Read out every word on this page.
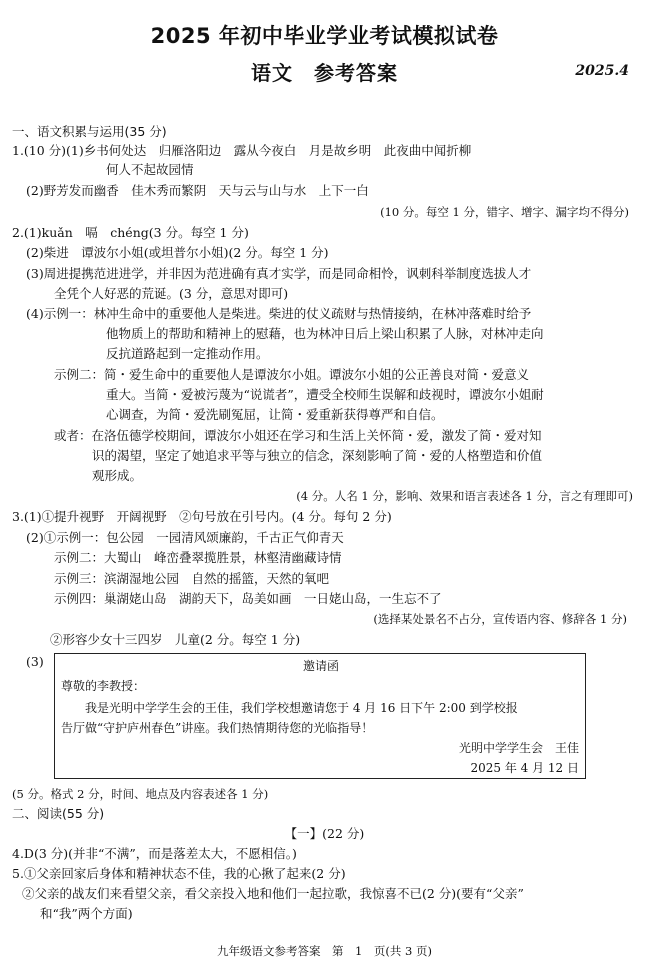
2025 年初中毕业学业考试模拟试卷
语文　参考答案	2025.4
一、语文积累与运用(35 分)
1.(10 分)(1)乡书何处达　归雁洛阳边　露从今夜白　月是故乡明　此夜曲中闻折柳
何人不起故园情
(2)野芳发而幽香　佳木秀而繁阴　天与云与山与水　上下一白
(10 分。每空 1 分，错字、增字、漏字均不得分)
2.(1)kuǎn　嗝　chéng(3 分。每空 1 分)
(2)柴进　谭波尔小姐(或坦普尔小姐)(2 分。每空 1 分)
(3)周进提携范进进学，并非因为范进确有真才实学，而是同命相怜，讽刺科举制度选拔人才
全凭个人好恶的荒诞。(3 分，意思对即可)
(4)示例一：林冲生命中的重要他人是柴进。柴进的仗义疏财与热情接纳，在林冲落难时给予
他物质上的帮助和精神上的慰藉，也为林冲日后上梁山积累了人脉，对林冲走向
反抗道路起到一定推动作用。
示例二：简・爱生命中的重要他人是谭波尔小姐。谭波尔小姐的公正善良对简・爱意义
重大。当简・爱被污蔑为“说谎者”，遭受全校师生误解和歧视时，谭波尔小姐耐
心调查，为简・爱洗刷冤屈，让简・爱重新获得尊严和自信。
或者：在洛伍德学校期间，谭波尔小姐还在学习和生活上关怀简・爱，激发了简・爱对知
识的渴望，坚定了她追求平等与独立的信念，深刻影响了简・爱的人格塑造和价值
观形成。
(4 分。人名 1 分，影响、效果和语言表述各 1 分，言之有理即可)
3.(1)①提升视野　开阔视野　②句号放在引号内。(4 分。每句 2 分)
(2)①示例一：包公园　一园清风颂廉韵，千古正气仰青天
示例二：大蜀山　峰峦叠翠揽胜景，林壑清幽藏诗情
示例三：滨湖湿地公园　自然的摇篮，天然的氧吧
示例四：巢湖姥山岛　湖韵天下，岛美如画　一日姥山岛，一生忘不了
(选择某处景名不占分，宣传语内容、修辞各 1 分)
②形容少女十三四岁　儿童(2 分。每空 1 分)
(3)	邀请函
尊敬的李教授：
我是光明中学学生会的王佳，我们学校想邀请您于 4 月 16 日下午 2:00 到学校报
告厅做“守护庐州春色”讲座。我们热情期待您的光临指导！
光明中学学生会　王佳
2025 年 4 月 12 日
(5 分。格式 2 分，时间、地点及内容表述各 1 分)
二、阅读(55 分)
【一】(22 分)
4.D(3 分)(并非“不满”，而是落差太大，不愿相信。)
5.①父亲回家后身体和精神状态不佳，我的心揪了起来(2 分)
②父亲的战友们来看望父亲，看父亲投入地和他们一起拉歌，我惊喜不已(2 分)(要有“父亲”
和“我”两个方面)
九年级语文参考答案　第　1　页(共 3 页)
